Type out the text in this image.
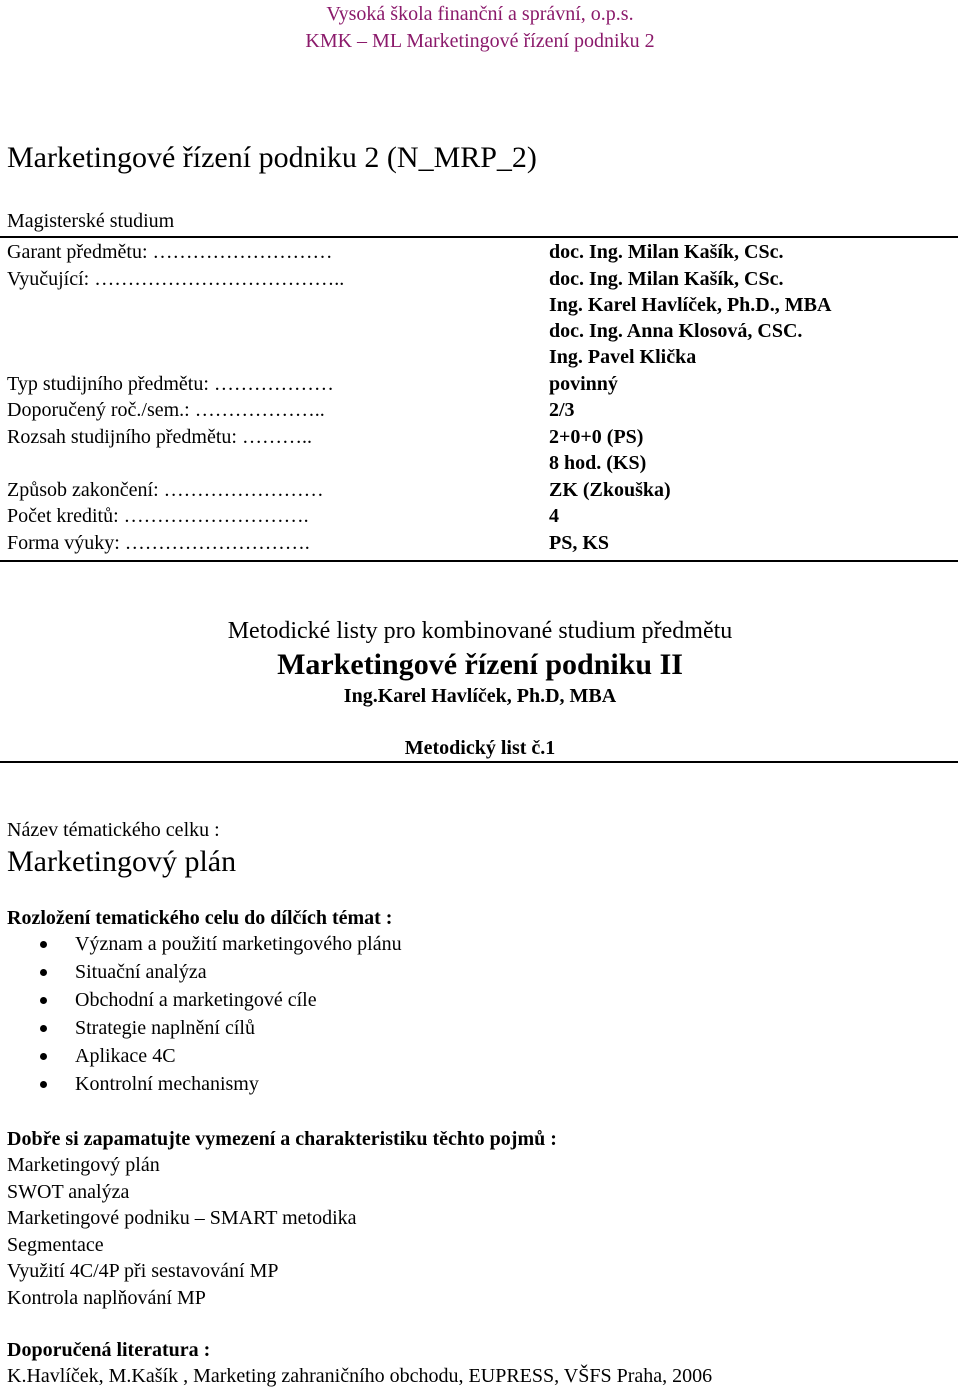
Vysoká škola finanční a správní, o.p.s.
KMK – ML Marketingové řízení podniku 2
Marketingové řízení podniku 2 (N_MRP_2)
Magisterské studium
Garant předmětu: ………………………	doc. Ing. Milan Kašík, CSc.
Vyučující: ………………………………..	doc. Ing. Milan Kašík, CSc.
Ing. Karel Havlíček, Ph.D., MBA
doc. Ing. Anna Klosová, CSC.
Ing. Pavel Klička
Typ studijního předmětu: ………………	povinný
Doporučený roč./sem.: ………………..	2/3
Rozsah studijního předmětu: ………..	2+0+0 (PS)
8 hod. (KS)
Způsob zakončení: ……………………	ZK (Zkouška)
Počet kreditů: ……………………….	4
Forma výuky: ……………………….	PS, KS
Metodické listy pro kombinované studium předmětu
Marketingové řízení podniku II
Ing.Karel Havlíček, Ph.D, MBA
Metodický list č.1
Název tématického celku :
Marketingový plán
Rozložení tematického celu do dílčích témat :
Význam a použití marketingového plánu
Situační analýza
Obchodní a marketingové cíle
Strategie naplnění cílů
Aplikace 4C
Kontrolní mechanismy
Dobře si zapamatujte vymezení a charakteristiku těchto pojmů :
Marketingový plán
SWOT analýza
Marketingové podniku – SMART metodika
Segmentace
Využití 4C/4P při sestavování MP
Kontrola naplňování MP
Doporučená literatura :
K.Havlíček, M.Kašík , Marketing zahraničního obchodu, EUPRESS, VŠFS Praha, 2006
